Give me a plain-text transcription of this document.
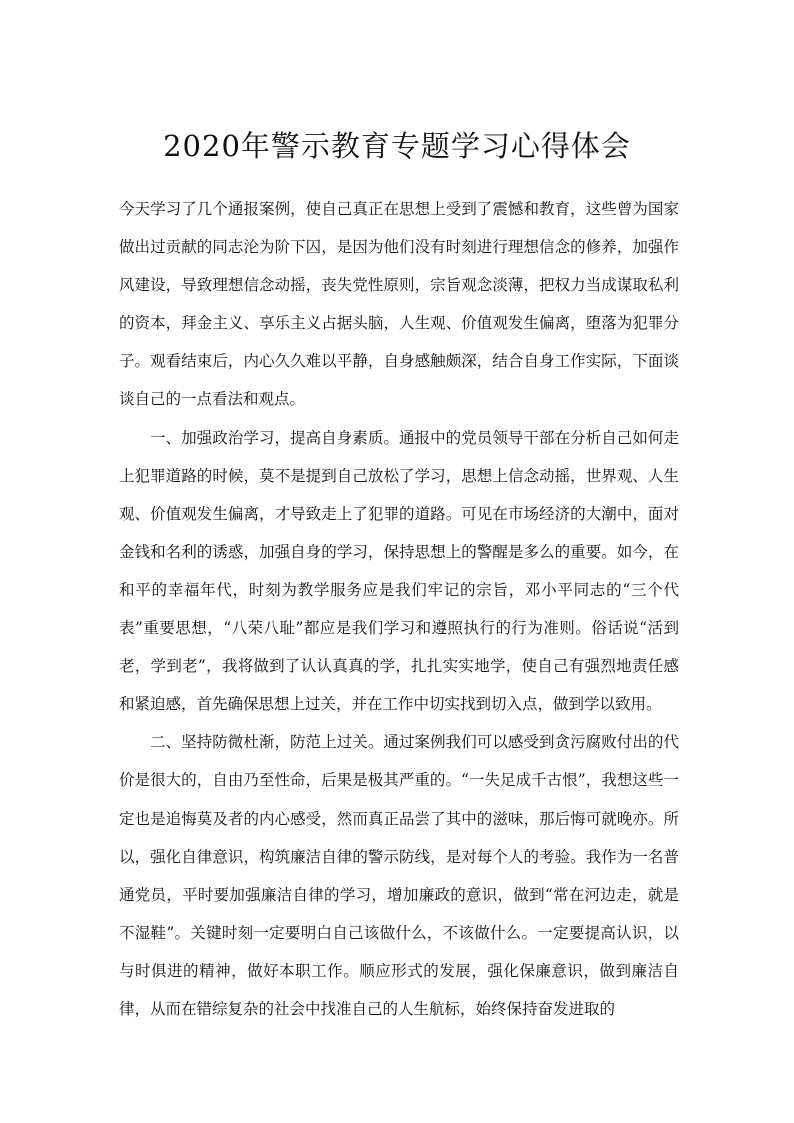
2020年警示教育专题学习心得体会

今天学习了几个通报案例，使自己真正在思想上受到了震憾和教育，这些曾为国家做出过贡献的同志沦为阶下囚，是因为他们没有时刻进行理想信念的修养，加强作风建设，导致理想信念动摇，丧失党性原则，宗旨观念淡薄，把权力当成谋取私利的资本，拜金主义、享乐主义占据头脑，人生观、价值观发生偏离，堕落为犯罪分子。观看结束后，内心久久难以平静，自身感触颇深，结合自身工作实际，下面谈谈自己的一点看法和观点。

一、加强政治学习，提高自身素质。通报中的党员领导干部在分析自己如何走上犯罪道路的时候，莫不是提到自己放松了学习，思想上信念动摇，世界观、人生观、价值观发生偏离，才导致走上了犯罪的道路。可见在市场经济的大潮中，面对金钱和名利的诱惑，加强自身的学习，保持思想上的警醒是多么的重要。如今，在和平的幸福年代，时刻为教学服务应是我们牢记的宗旨，邓小平同志的“三个代表”重要思想，“八荣八耻”都应是我们学习和遵照执行的行为准则。俗话说“活到老，学到老”，我将做到了认认真真的学，扎扎实实地学，使自己有强烈地责任感和紧迫感，首先确保思想上过关，并在工作中切实找到切入点，做到学以致用。

二、坚持防微杜渐，防范上过关。通过案例我们可以感受到贪污腐败付出的代价是很大的，自由乃至性命，后果是极其严重的。“一失足成千古恨”，我想这些一定也是追悔莫及者的内心感受，然而真正品尝了其中的滋味，那后悔可就晚亦。所以，强化自律意识，构筑廉洁自律的警示防线，是对每个人的考验。我作为一名普通党员，平时要加强廉洁自律的学习，增加廉政的意识，做到“常在河边走，就是不湿鞋”。关键时刻一定要明白自己该做什么，不该做什么。一定要提高认识，以与时俱进的精神，做好本职工作。顺应形式的发展，强化保廉意识，做到廉洁自律，从而在错综复杂的社会中找准自己的人生航标，始终保持奋发进取的
